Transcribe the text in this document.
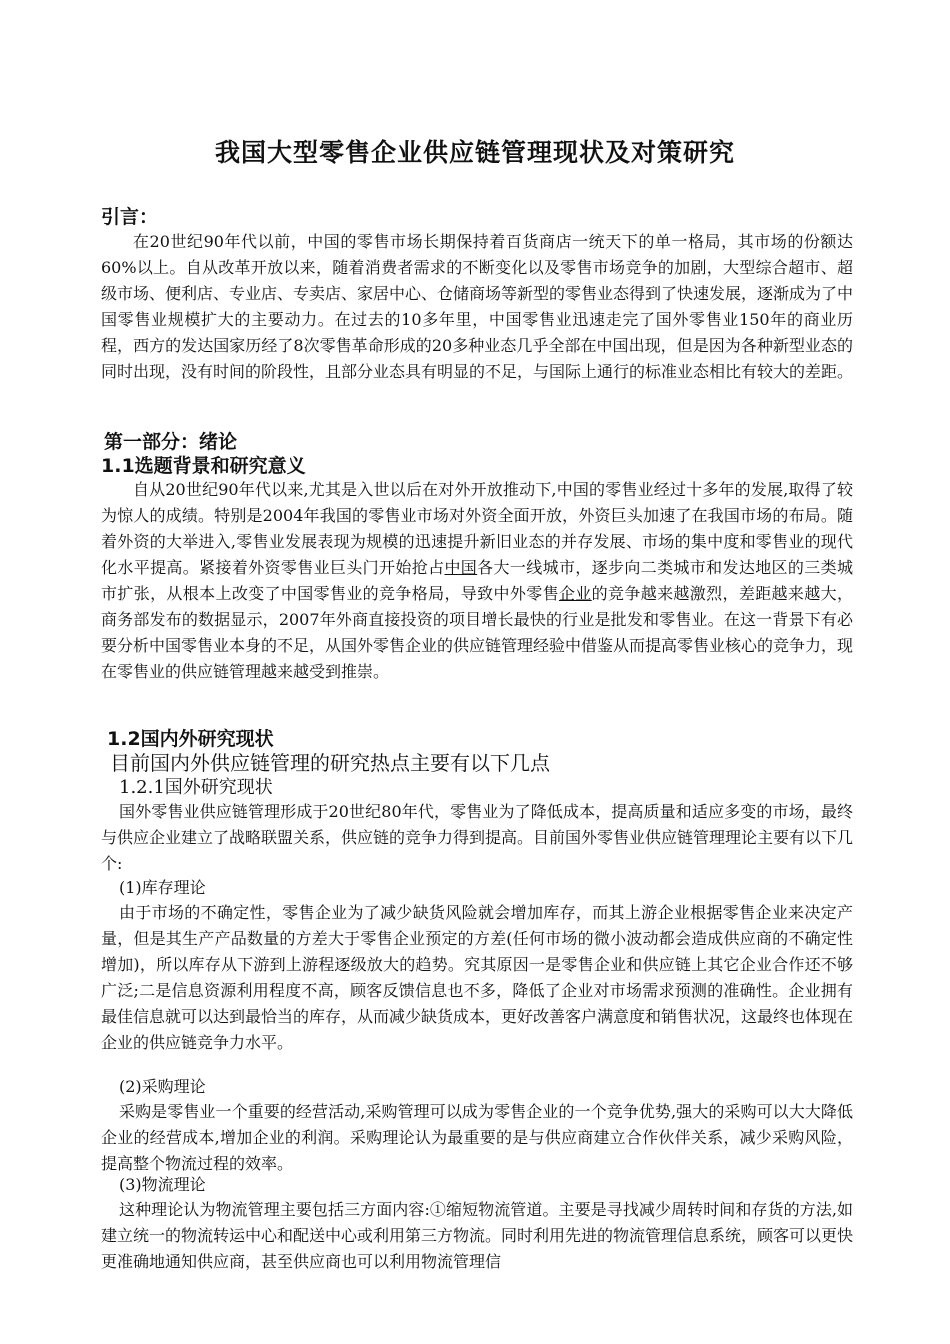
我国大型零售企业供应链管理现状及对策研究
引言：

在20世纪90年代以前，中国的零售市场长期保持着百货商店一统天下的单一格局，其市场的份额达60%以上。自从改革开放以来，随着消费者需求的不断变化以及零售市场竞争的加剧，大型综合超市、超级市场、便利店、专业店、专卖店、家居中心、仓储商场等新型的零售业态得到了快速发展，逐渐成为了中国零售业规模扩大的主要动力。在过去的10多年里，中国零售业迅速走完了国外零售业150年的商业历程，西方的发达国家历经了8次零售革命形成的20多种业态几乎全部在中国出现，但是因为各种新型业态的同时出现，没有时间的阶段性，且部分业态具有明显的不足，与国际上通行的标准业态相比有较大的差距。

第一部分：绪论
1.1选题背景和研究意义

自从20世纪90年代以来,尤其是入世以后在对外开放推动下,中国的零售业经过十多年的发展,取得了较为惊人的成绩。特别是2004年我国的零售业市场对外资全面开放，外资巨头加速了在我国市场的布局。随着外资的大举进入,零售业发展表现为规模的迅速提升新旧业态的并存发展、市场的集中度和零售业的现代化水平提高。紧接着外资零售业巨头门开始抢占中国各大一线城市，逐步向二类城市和发达地区的三类城市扩张，从根本上改变了中国零售业的竞争格局，导致中外零售企业的竞争越来越激烈，差距越来越大，商务部发布的数据显示，2007年外商直接投资的项目增长最快的行业是批发和零售业。在这一背景下有必要分析中国零售业本身的不足，从国外零售企业的供应链管理经验中借鉴从而提高零售业核心的竞争力，现在零售业的供应链管理越来越受到推崇。

1.2国内外研究现状
目前国内外供应链管理的研究热点主要有以下几点
1.2.1国外研究现状

国外零售业供应链管理形成于20世纪80年代，零售业为了降低成本，提高质量和适应多变的市场，最终与供应企业建立了战略联盟关系，供应链的竞争力得到提高。目前国外零售业供应链管理理论主要有以下几个:

(1)库存理论

由于市场的不确定性，零售企业为了减少缺货风险就会增加库存，而其上游企业根据零售企业来决定产量，但是其生产产品数量的方差大于零售企业预定的方差(任何市场的微小波动都会造成供应商的不确定性增加)，所以库存从下游到上游程逐级放大的趋势。究其原因一是零售企业和供应链上其它企业合作还不够广泛;二是信息资源利用程度不高，顾客反馈信息也不多，降低了企业对市场需求预测的准确性。企业拥有最佳信息就可以达到最恰当的库存，从而减少缺货成本，更好改善客户满意度和销售状况，这最终也体现在企业的供应链竞争力水平。

(2)采购理论

采购是零售业一个重要的经营活动,采购管理可以成为零售企业的一个竞争优势,强大的采购可以大大降低企业的经营成本,增加企业的利润。采购理论认为最重要的是与供应商建立合作伙伴关系，减少采购风险，提高整个物流过程的效率。

(3)物流理论

这种理论认为物流管理主要包括三方面内容:①缩短物流管道。主要是寻找减少周转时间和存货的方法,如建立统一的物流转运中心和配送中心或利用第三方物流。同时利用先进的物流管理信息系统，顾客可以更快更准确地通知供应商，甚至供应商也可以利用物流管理信
